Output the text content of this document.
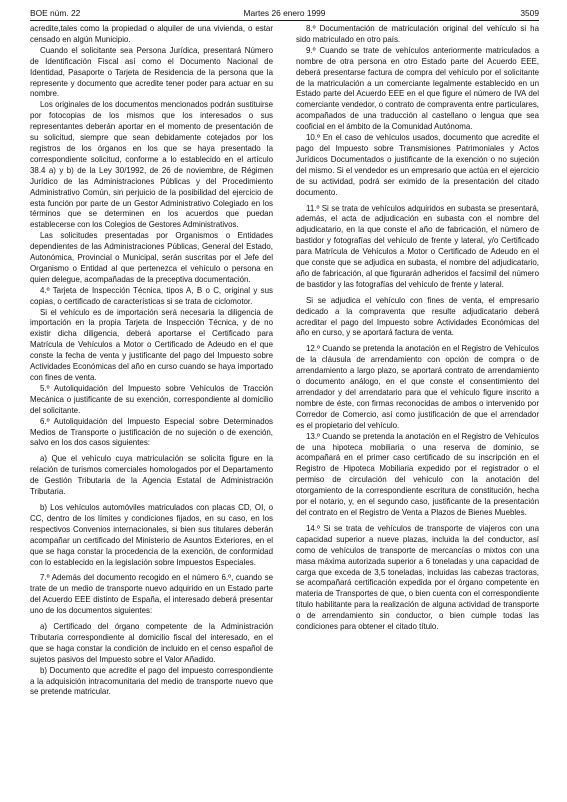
BOE núm. 22	Martes 26 enero 1999	3509

acredite,tales como la propiedad o alquiler de una vivienda, o estar censado en algún Municipio.

Cuando el solicitante sea Persona Jurídica, presentará Número de Identificación Fiscal así como el Documento Nacional de Identidad, Pasaporte o Tarjeta de Residencia de la persona que la represente y documento que acredite tener poder para actuar en su nombre.

Los originales de los documentos mencionados podrán sustituirse por fotocopias de los mismos que los interesados o sus representantes deberán aportar en el momento de presentación de su solicitud, siempre que sean debidamente cotejados por los registros de los órganos en los que se haya presentado la correspondiente solicitud, conforme a lo establecido en el artículo 38.4 a) y b) de la Ley 30/1992, de 26 de noviembre, de Régimen Jurídico de las Administraciones Públicas y del Procedimiento Administrativo Común, sin perjuicio de la posibilidad del ejercicio de esta función por parte de un Gestor Administrativo Colegiado en los términos que se determinen en los acuerdos que puedan establecerse con los Colegios de Gestores Administrativos.

Las solicitudes presentadas por Organismos o Entidades dependientes de las Administraciones Públicas, General del Estado, Autonómica, Provincial o Municipal, serán suscritas por el Jefe del Organismo o Entidad al que pertenezca el vehículo o persona en quien delegue, acompañadas de la preceptiva documentación.

4.º Tarjeta de Inspección Técnica, tipos A, B o C, original y sus copias, o certificado de características si se trata de ciclomotor.

Si el vehículo es de importación será necesaria la diligencia de importación en la propia Tarjeta de Inspección Técnica, y de no existir dicha diligencia, deberá aportarse el Certificado para Matrícula de Vehículos a Motor o Certificado de Adeudo en el que conste la fecha de venta y justificante del pago del Impuesto sobre Actividades Económicas del año en curso cuando se haya importado con fines de venta.

5.º Autoliquidación del Impuesto sobre Vehículos de Tracción Mecánica o justificante de su exención, correspondiente al domicilio del solicitante.

6.º Autoliquidación del Impuesto Especial sobre Determinados Medios de Transporte o justificación de no sujeción o de exención, salvo en los dos casos siguientes:

a) Que el vehículo cuya matriculación se solicita figure en la relación de turismos comerciales homologados por el Departamento de Gestión Tributaria de la Agencia Estatal de Administración Tributaria.

b) Los vehículos automóviles matriculados con placas CD, OI, o CC, dentro de los límites y condiciones fijados, en su caso, en los respectivos Convenios internacionales, si bien sus titulares deberán acompañar un certificado del Ministerio de Asuntos Exteriores, en el que se haga constar la procedencia de la exención, de conformidad con lo establecido en la legislación sobre Impuestos Especiales.

7.º Además del documento recogido en el número 6.º, cuando se trate de un medio de transporte nuevo adquirido en un Estado parte del Acuerdo EEE distinto de España, el interesado deberá presentar uno de los documentos siguientes:

a) Certificado del órgano competente de la Administración Tributaria correspondiente al domicilio fiscal del interesado, en el que se haga constar la condición de incluido en el censo español de sujetos pasivos del Impuesto sobre el Valor Añadido.

b) Documento que acredite el pago del impuesto correspondiente a la adquisición intracomunitaria del medio de transporte nuevo que se pretende matricular.

8.º Documentación de matriculación original del vehículo si ha sido matriculado en otro país.

9.º Cuando se trate de vehículos anteriormente matriculados a nombre de otra persona en otro Estado parte del Acuerdo EEE, deberá presentarse factura de compra del vehículo por el solicitante de la matriculación a un comerciante legalmente establecido en un Estado parte del Acuerdo EEE en el que figure el número de IVA del comerciante vendedor, o contrato de compraventa entre particulares, acompañados de una traducción al castellano o lengua que sea cooficial en el ámbito de la Comunidad Autónoma.

10.º En el caso de vehículos usados, documento que acredite el pago del Impuesto sobre Transmisiones Patrimoniales y Actos Jurídicos Documentados o justificante de la exención o no sujeción del mismo. Si el vendedor es un empresario que actúa en el ejercicio de su actividad, podrá ser eximido de la presentación del citado documento.

11.º Si se trata de vehículos adquiridos en subasta se presentará, además, el acta de adjudicación en subasta con el nombre del adjudicatario, en la que conste el año de fabricación, el número de bastidor y fotografías del vehículo de frente y lateral, y/o Certificado para Matrícula de Vehículos a Motor o Certificado de Adeudo en el que conste que se adjudica en subasta, el nombre del adjudicatario, año de fabricación, al que figurarán adheridos el facsímil del número de bastidor y las fotografías del vehículo de frente y lateral.

Si se adjudica el vehículo con fines de venta, el empresario dedicado a la compraventa que resulte adjudicatario deberá acreditar el pago del Impuesto sobre Actividades Económicas del año en curso, y se aportará factura de venta.

12.º Cuando se pretenda la anotación en el Registro de Vehículos de la cláusula de arrendamiento con opción de compra o de arrendamiento a largo plazo, se aportará contrato de arrendamiento o documento análogo, en el que conste el consentimiento del arrendador y del arrendatario para que el vehículo figure inscrito a nombre de éste, con firmas reconocidas de ambos o intervenido por Corredor de Comercio, así como justificación de que el arrendador es el propietario del vehículo.

13.º Cuando se pretenda la anotación en el Registro de Vehículos de una hipoteca mobiliaria o una reserva de dominio, se acompañará en el primer caso certificado de su inscripción en el Registro de Hipoteca Mobiliaria expedido por el registrador o el permiso de circulación del vehículo con la anotación del otorgamiento de la correspondiente escritura de constitución, hecha por el notario, y, en el segundo caso, justificante de la presentación del contrato en el Registro de Venta a Plazos de Bienes Muebles.

14.º Si se trata de vehículos de transporte de viajeros con una capacidad superior a nueve plazas, incluida la del conductor, así como de vehículos de transporte de mercancías o mixtos con una masa máxima autorizada superior a 6 toneladas y una capacidad de carga que exceda de 3,5 toneladas, incluidas las cabezas tractoras, se acompañará certificación expedida por el órgano competente en materia de Transportes de que, o bien cuenta con el correspondiente título habilitante para la realización de alguna actividad de transporte o de arrendamiento sin conductor, o bien cumple todas las condiciones para obtener el citado título.
